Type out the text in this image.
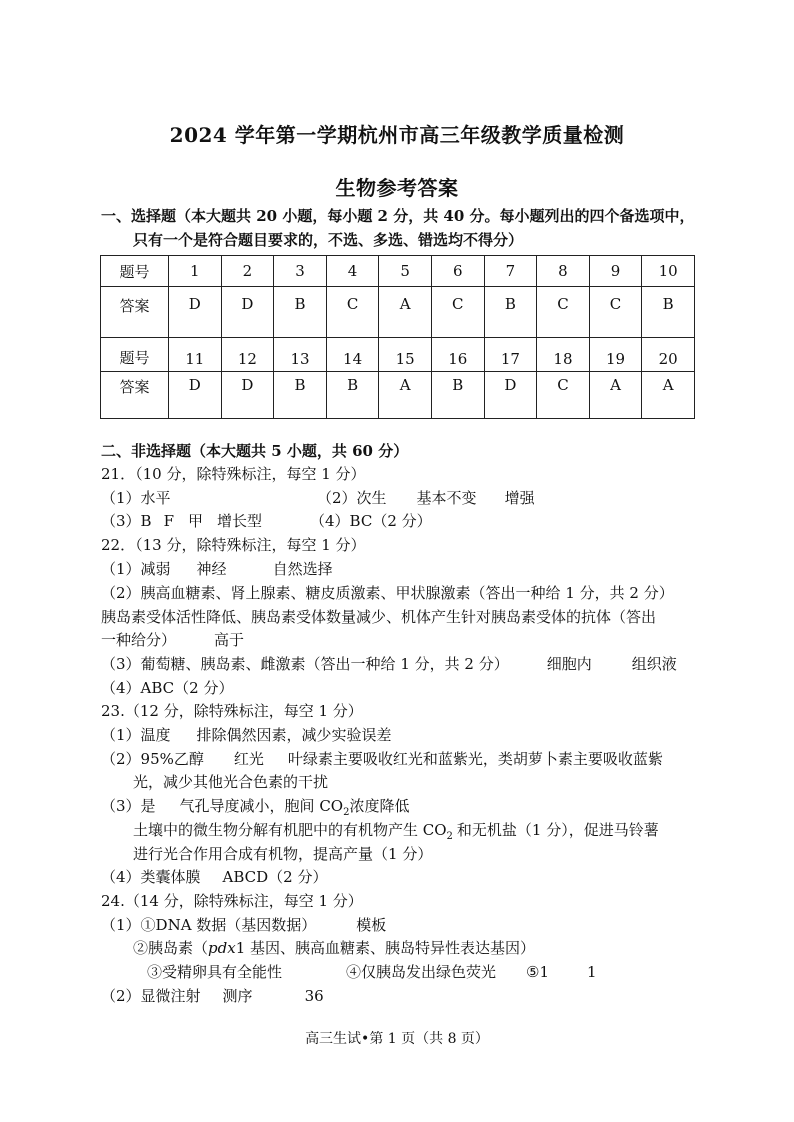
2024 学年第一学期杭州市高三年级教学质量检测
生物参考答案
一、选择题（本大题共 20 小题，每小题 2 分，共 40 分。每小题列出的四个备选项中，
只有一个是符合题目要求的，不选、多选、错选均不得分）
题号	1	2	3	4	5	6	7	8	9	10
答案	D	D	B	C	A	C	B	C	C	B
题号	11	12	13	14	15	16	17	18	19	20
答案	D	D	B	B	A	B	D	C	A	A
二、非选择题（本大题共 5 小题，共 60 分）
21．（10 分，除特殊标注，每空 1 分）
（1）水平	（2）次生 基本不变 增强
（3）B F 甲 增长型	（4）BC（2 分）
22．（13 分，除特殊标注，每空 1 分）
（1）减弱 神经	自然选择
（2）胰高血糖素、肾上腺素、糖皮质激素、甲状腺激素（答出一种给 1 分，共 2 分）
胰岛素受体活性降低、胰岛素受体数量减少、机体产生针对胰岛素受体的抗体（答出
一种给分）	高于
（3）葡萄糖、胰岛素、雌激素（答出一种给 1 分，共 2 分）	细胞内	组织液
（4）ABC（2 分）
23.（12 分，除特殊标注，每空 1 分）
（1）温度 排除偶然因素，减少实验误差
（2）95%乙醇 红光 叶绿素主要吸收红光和蓝紫光，类胡萝卜素主要吸收蓝紫
光，减少其他光合色素的干扰
（3）是 气孔导度减小，胞间 $CO_2$浓度降低
土壤中的微生物分解有机肥中的有机物产生 $CO_2$ 和无机盐（1 分），促进马铃薯
进行光合作用合成有机物，提高产量（1 分）
（4）类囊体膜 ABCD（2 分）
24.（14 分，除特殊标注，每空 1 分）
（1）①DNA 数据（基因数据）	模板
②胰岛素（pdx1 基因、胰高血糖素、胰岛特异性表达基因）
③受精卵具有全能性	④仅胰岛发出绿色荧光 ⑤1	1
（2）显微注射 测序	36
高三生试•第 1 页（共 8 页）
